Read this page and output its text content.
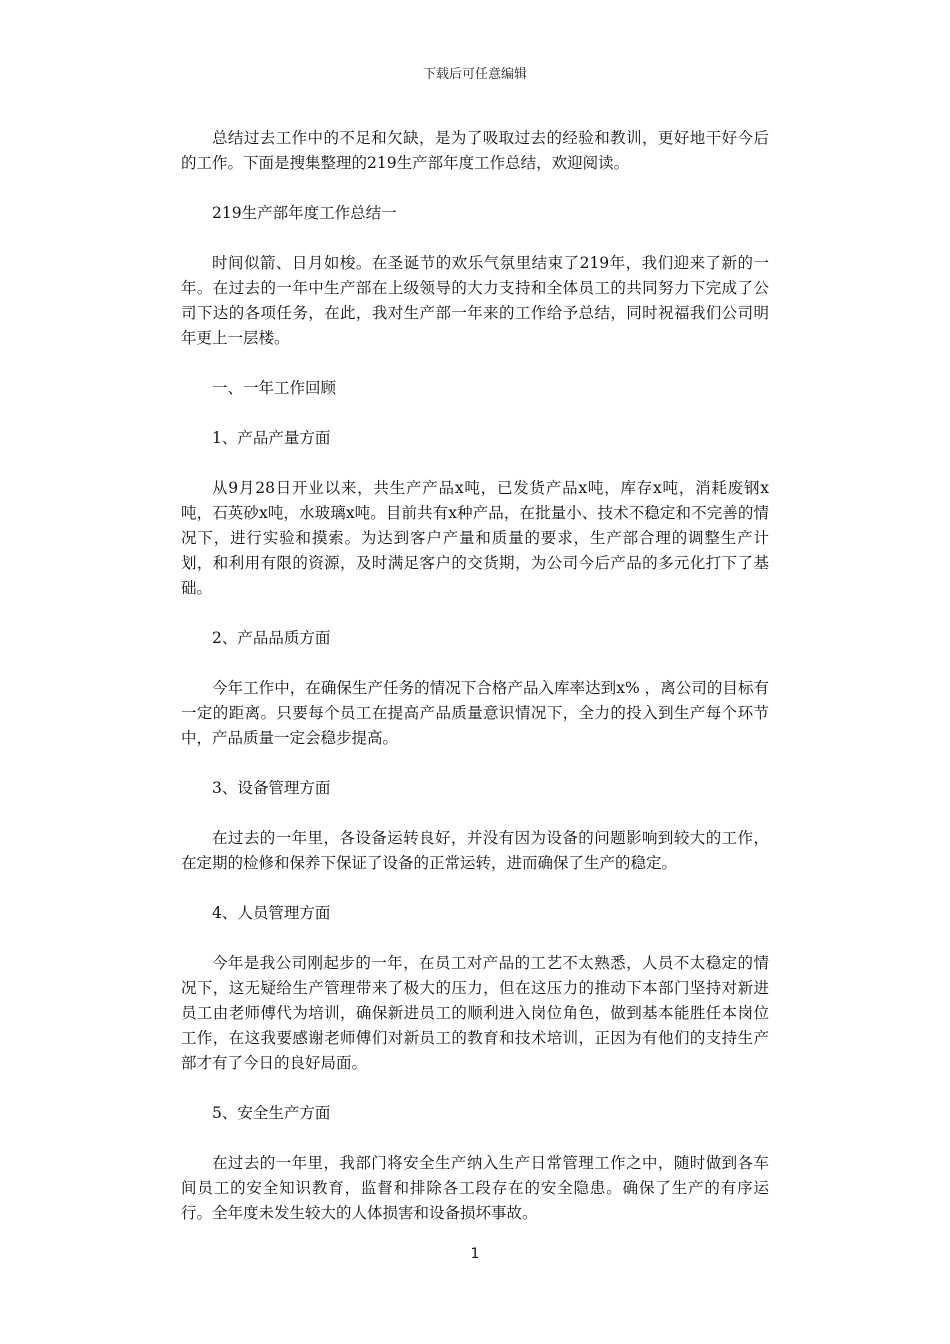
下载后可任意编辑

总结过去工作中的不足和欠缺，是为了吸取过去的经验和教训，更好地干好今后的工作。下面是搜集整理的219生产部年度工作总结，欢迎阅读。

219生产部年度工作总结一

时间似箭、日月如梭。在圣诞节的欢乐气氛里结束了219年，我们迎来了新的一年。在过去的一年中生产部在上级领导的大力支持和全体员工的共同努力下完成了公司下达的各项任务，在此，我对生产部一年来的工作给予总结，同时祝福我们公司明年更上一层楼。

一、一年工作回顾

1、产品产量方面

从9月28日开业以来，共生产产品x吨，已发货产品x吨，库存x吨，消耗废钢x吨，石英砂x吨，水玻璃x吨。目前共有x种产品，在批量小、技术不稳定和不完善的情况下，进行实验和摸索。为达到客户产量和质量的要求，生产部合理的调整生产计划，和利用有限的资源，及时满足客户的交货期，为公司今后产品的多元化打下了基础。

2、产品品质方面

今年工作中，在确保生产任务的情况下合格产品入库率达到x% ，离公司的目标有一定的距离。只要每个员工在提高产品质量意识情况下，全力的投入到生产每个环节中，产品质量一定会稳步提高。

3、设备管理方面

在过去的一年里，各设备运转良好，并没有因为设备的问题影响到较大的工作，在定期的检修和保养下保证了设备的正常运转，进而确保了生产的稳定。

4、人员管理方面

今年是我公司刚起步的一年，在员工对产品的工艺不太熟悉，人员不太稳定的情况下，这无疑给生产管理带来了极大的压力，但在这压力的推动下本部门坚持对新进员工由老师傅代为培训，确保新进员工的顺利进入岗位角色，做到基本能胜任本岗位工作，在这我要感谢老师傅们对新员工的教育和技术培训，正因为有他们的支持生产部才有了今日的良好局面。

5、安全生产方面

在过去的一年里，我部门将安全生产纳入生产日常管理工作之中，随时做到各车间员工的安全知识教育，监督和排除各工段存在的安全隐患。确保了生产的有序运行。全年度未发生较大的人体损害和设备损坏事故。

1
